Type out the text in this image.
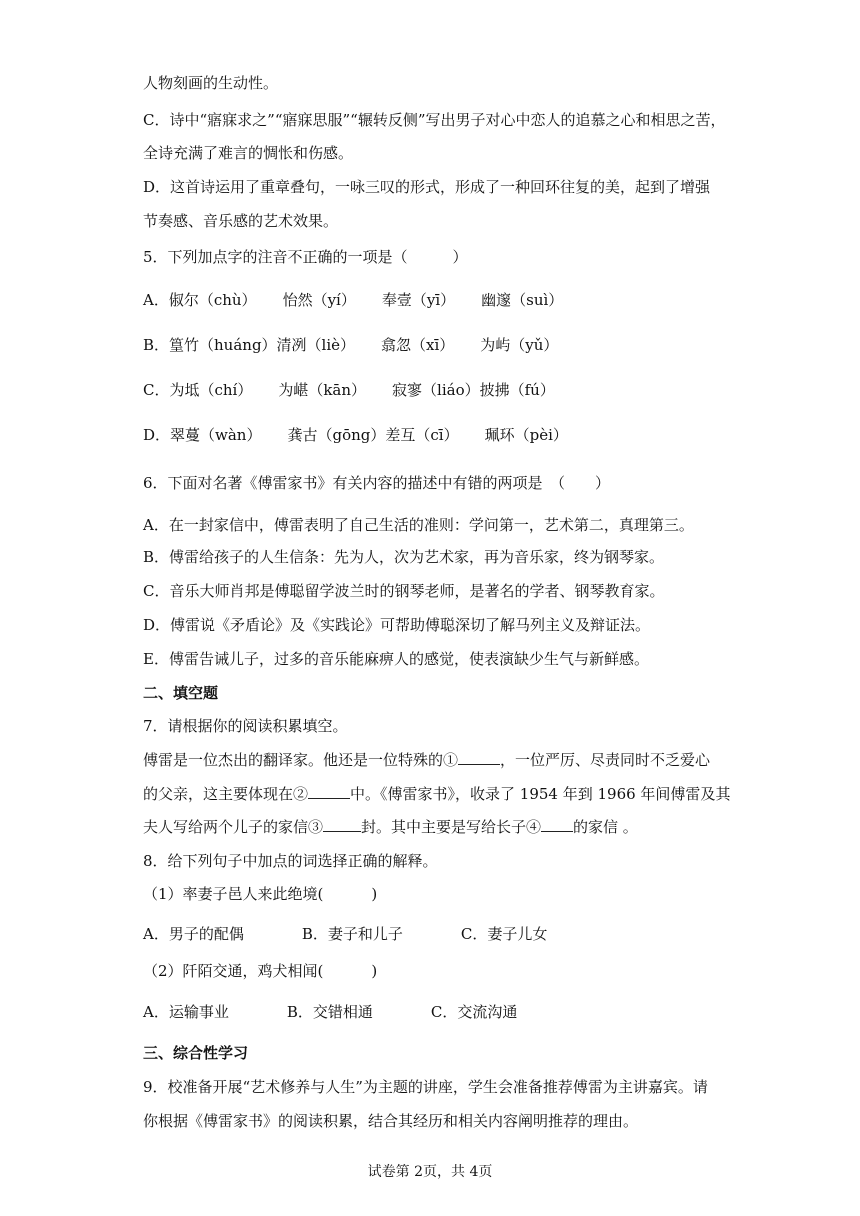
人物刻画的生动性。
C．诗中“寤寐求之”“寤寐思服”“辗转反侧”写出男子对心中恋人的追慕之心和相思之苦，
全诗充满了难言的惆怅和伤感。
D．这首诗运用了重章叠句，一咏三叹的形式，形成了一种回环往复的美，起到了增强
节奏感、音乐感的艺术效果。
5．下列加点字的注音不正确的一项是（　　　）
A．俶尔（chù） 怡然（yí） 奉壹（yī） 幽邃（suì）
B．篁竹（huáng）清冽（liè） 翕忽（xī） 为屿（yǔ）
C．为坻（chí） 为嵁（kān） 寂寥（liáo）披拂（fú）
D．翠蔓（wàn） 龚古（gōng）差互（cī） 珮环（pèi）
6．下面对名著《傅雷家书》有关内容的描述中有错的两项是　（　　）
A．在一封家信中，傅雷表明了自己生活的准则：学问第一，艺术第二，真理第三。
B．傅雷给孩子的人生信条：先为人，次为艺术家，再为音乐家，终为钢琴家。
C．音乐大师肖邦是傅聪留学波兰时的钢琴老师，是著名的学者、钢琴教育家。
D．傅雷说《矛盾论》及《实践论》可帮助傅聪深切了解马列主义及辩证法。
E．傅雷告诫儿子，过多的音乐能麻痹人的感觉，使表演缺少生气与新鲜感。
二、填空题
7．请根据你的阅读积累填空。
傅雷是一位杰出的翻译家。他还是一位特殊的①	，一位严厉、尽责同时不乏爱心
的父亲，这主要体现在②	中。《傅雷家书》，收录了 1954 年到 1966 年间傅雷及其
夫人写给两个儿子的家信③	封。其中主要是写给长子④ 的家信 。
8．给下列句子中加点的词选择正确的解释。
（1）率妻子邑人来此绝境(	)
A．男子的配偶	B．妻子和儿子	C．妻子儿女
（2）阡陌交通，鸡犬相闻(	)
A．运输事业	B．交错相通	C．交流沟通
三、综合性学习
9．校准备开展“艺术修养与人生”为主题的讲座，学生会准备推荐傅雷为主讲嘉宾。请
你根据《傅雷家书》的阅读积累，结合其经历和相关内容阐明推荐的理由。
试卷第 2页，共 4页
